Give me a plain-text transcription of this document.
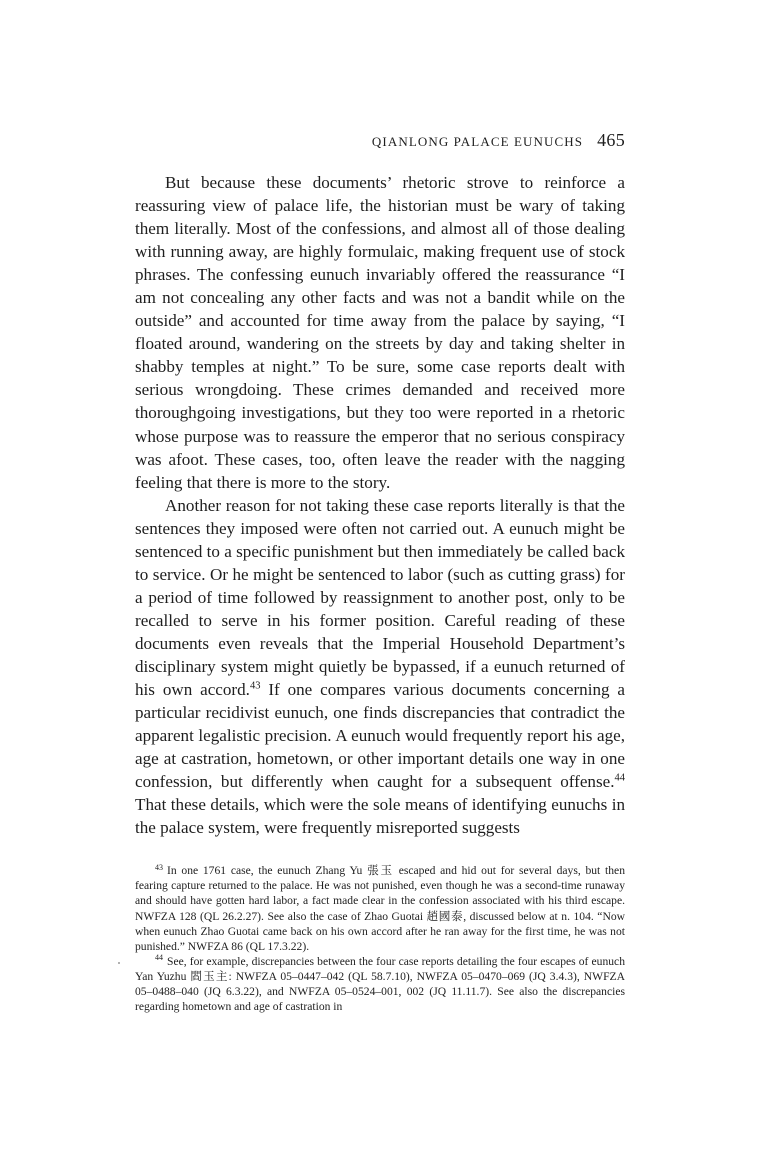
QIANLONG PALACE EUNUCHS 465

But because these documents’ rhetoric strove to reinforce a reassuring view of palace life, the historian must be wary of taking them literally. Most of the confessions, and almost all of those dealing with running away, are highly formulaic, making frequent use of stock phrases. The confessing eunuch invariably offered the reassurance “I am not concealing any other facts and was not a bandit while on the outside” and accounted for time away from the palace by saying, “I floated around, wandering on the streets by day and taking shelter in shabby temples at night.” To be sure, some case reports dealt with serious wrongdoing. These crimes demanded and received more thoroughgoing investigations, but they too were reported in a rhetoric whose purpose was to reassure the emperor that no serious conspiracy was afoot. These cases, too, often leave the reader with the nagging feeling that there is more to the story.

Another reason for not taking these case reports literally is that the sentences they imposed were often not carried out. A eunuch might be sentenced to a specific punishment but then immediately be called back to service. Or he might be sentenced to labor (such as cutting grass) for a period of time followed by reassignment to another post, only to be recalled to serve in his former position. Careful reading of these documents even reveals that the Imperial Household Department’s disciplinary system might quietly be bypassed, if a eunuch returned of his own accord.$^{43}$ If one compares various documents concerning a particular recidivist eunuch, one finds discrepancies that contradict the apparent legalistic precision. A eunuch would frequently report his age, age at castration, hometown, or other important details one way in one confession, but differently when caught for a subsequent offense.$^{44}$ That these details, which were the sole means of identifying eunuchs in the palace system, were frequently misreported suggests

$^{43}$ In one 1761 case, the eunuch Zhang Yu 張玉 escaped and hid out for several days, but then fearing capture returned to the palace. He was not punished, even though he was a second-time runaway and should have gotten hard labor, a fact made clear in the confession associated with his third escape. NWFZA 128 (QL 26.2.27). See also the case of Zhao Guotai 趙國泰, discussed below at n. 104. “Now when eunuch Zhao Guotai came back on his own accord after he ran away for the first time, he was not punished.” NWFZA 86 (QL 17.3.22).

$^{44}$ See, for example, discrepancies between the four case reports detailing the four escapes of eunuch Yan Yuzhu 閻玉主: NWFZA 05–0447–042 (QL 58.7.10), NWFZA 05–0470–069 (JQ 3.4.3), NWFZA 05–0488–040 (JQ 6.3.22), and NWFZA 05–0524–001, 002 (JQ 11.11.7). See also the discrepancies regarding hometown and age of castration in
